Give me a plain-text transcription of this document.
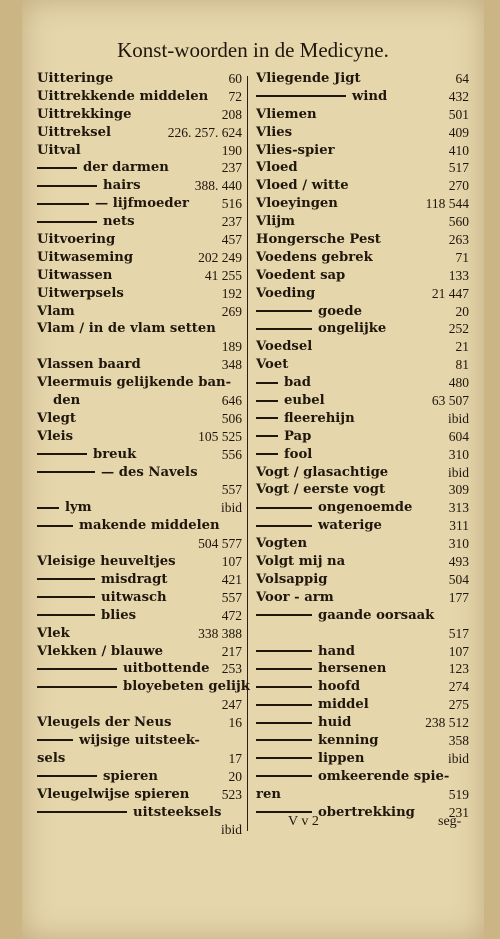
Konst-woorden in de Medicyne.
Uitteringe	60
Uittrekkende middelen 72
Uittrekkinge	208
Uittreksel	226. 257. 624
Uitval	190
der darmen	237
hairs	388. 440
— lijfmoeder 516
nets	237
Uitvoering	457
Uitwaseming	202 249
Uitwassen	41 255
Uitwerpsels	192
Vlam	269
Vlam / in de vlam setten
189
Vlassen baard	348
Vleermuis gelijkende ban-
den	646
Vlegt	506
Vleis	105 525
breuk	556
— des Navels
557
lym	ibid
makende middelen
504 577
Vleisige heuveltjes	107
misdragt	421
uitwasch	557
blies	472
Vlek	338 388
Vlekken / blauwe	217
uitbottende 253
bloyebeten gelijk
247
Vleugels der Neus	16
wijsige uitsteek-
sels	17
spieren	20
Vleugelwijse spieren 523
uitsteeksels
ibid
Vliegende Jigt	64
wind	432
Vliemen	501
Vlies	409
Vlies-spier	410
Vloed	517
Vloed / witte	270
Vloeyingen	118 544
Vlijm	560
Hongersche Pest	263
Voedens gebrek	71
Voedent sap	133
Voeding	21 447
goede	20
ongelijke	252
Voedsel	21
Voet	81
bad	480
eubel	63 507
fleerehijn	ibid
Pap	604
fool	310
Vogt / glasachtige	ibid
Vogt / eerste vogt	309
ongenoemde	313
waterige	311
Vogten	310
Volgt mij na	493
Volsappig	504
Voor - arm	177
gaande oorsaak
517
hand	107
hersenen	123
hoofd	274
middel	275
huid	238 512
kenning	358
lippen	ibid
omkeerende spie-
ren	519
obertrekking	231
V v 2	seg-
